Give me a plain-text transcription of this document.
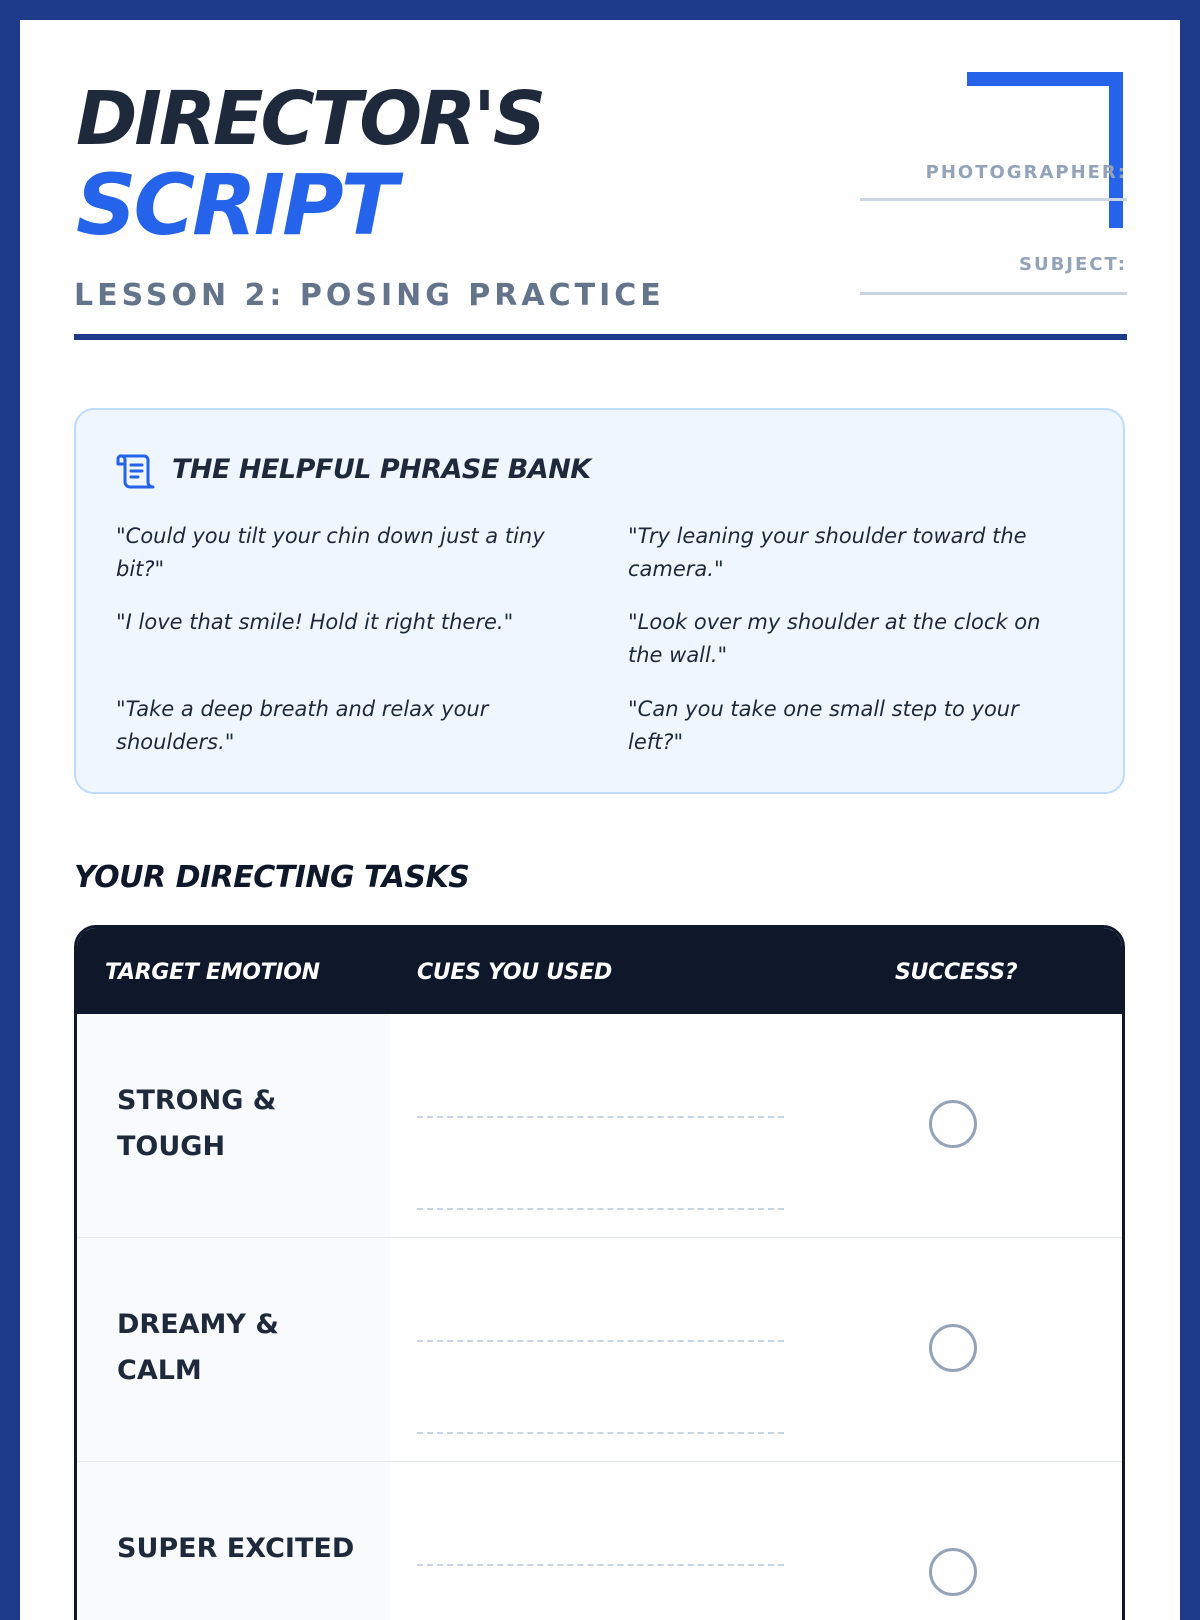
DIRECTOR'S
SCRIPT
LESSON 2: POSING PRACTICE
PHOTOGRAPHER:
SUBJECT:
THE HELPFUL PHRASE BANK
"Could you tilt your chin down just a tiny bit?"
"Try leaning your shoulder toward the camera."
"I love that smile! Hold it right there."	"Look over my shoulder at the clock on the wall."
"Take a deep breath and relax your shoulders."
"Can you take one small step to your left?"
YOUR DIRECTING TASKS
TARGET EMOTION	CUES YOU USED	SUCCESS?
STRONG & TOUGH
DREAMY & CALM
SUPER EXCITED
